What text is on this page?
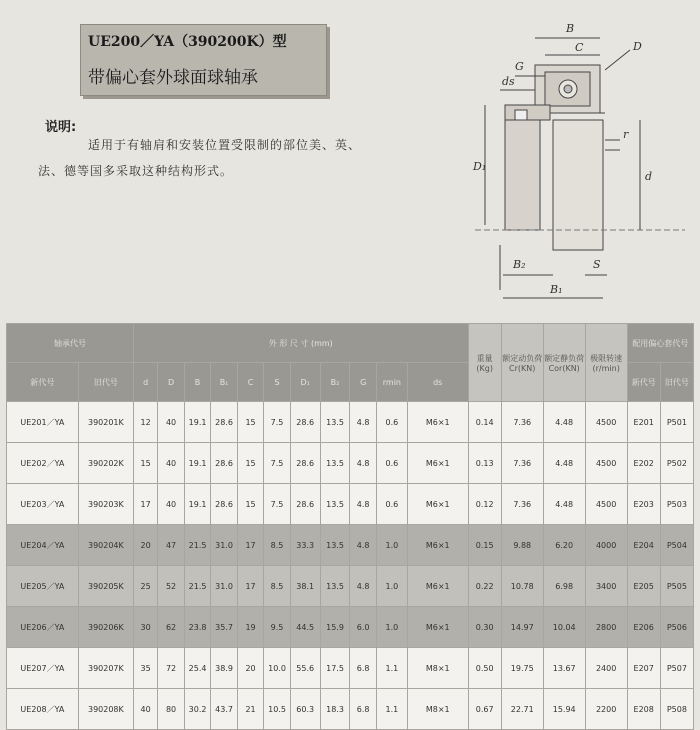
UE200／YA（390200K）型
带偏心套外球面球轴承
说明:
适用于有轴肩和安装位置受限制的部位美、英、法、德等国多采取这种结构形式。
B
C	D
G
ds
D₁
r
d
B₂	S
B₁
轴承代号		外 形 尺 寸 (mm)											重量 (Kg)	额定动负荷 Cr(KN)	额定静负荷 Cor(KN)	极限转速 (r/min)	配用偏心套代号	
新代号	旧代号	d	D	B	B₁	C	S	D₁	B₂	G	rmin	ds					新代号	旧代号
UE201／YA	390201K	12	40	19.1	28.6	15	7.5	28.6	13.5	4.8	0.6	M6×1	0.14	7.36	4.48	4500	E201	P501
UE202／YA	390202K	15	40	19.1	28.6	15	7.5	28.6	13.5	4.8	0.6	M6×1	0.13	7.36	4.48	4500	E202	P502
UE203／YA	390203K	17	40	19.1	28.6	15	7.5	28.6	13.5	4.8	0.6	M6×1	0.12	7.36	4.48	4500	E203	P503
UE204／YA	390204K	20	47	21.5	31.0	17	8.5	33.3	13.5	4.8	1.0	M6×1	0.15	9.88	6.20	4000	E204	P504
UE205／YA	390205K	25	52	21.5	31.0	17	8.5	38.1	13.5	4.8	1.0	M6×1	0.22	10.78	6.98	3400	E205	P505
UE206／YA	390206K	30	62	23.8	35.7	19	9.5	44.5	15.9	6.0	1.0	M6×1	0.30	14.97	10.04	2800	E206	P506
UE207／YA	390207K	35	72	25.4	38.9	20	10.0	55.6	17.5	6.8	1.1	M8×1	0.50	19.75	13.67	2400	E207	P507
UE208／YA	390208K	40	80	30.2	43.7	21	10.5	60.3	18.3	6.8	1.1	M8×1	0.67	22.71	15.94	2200	E208	P508
